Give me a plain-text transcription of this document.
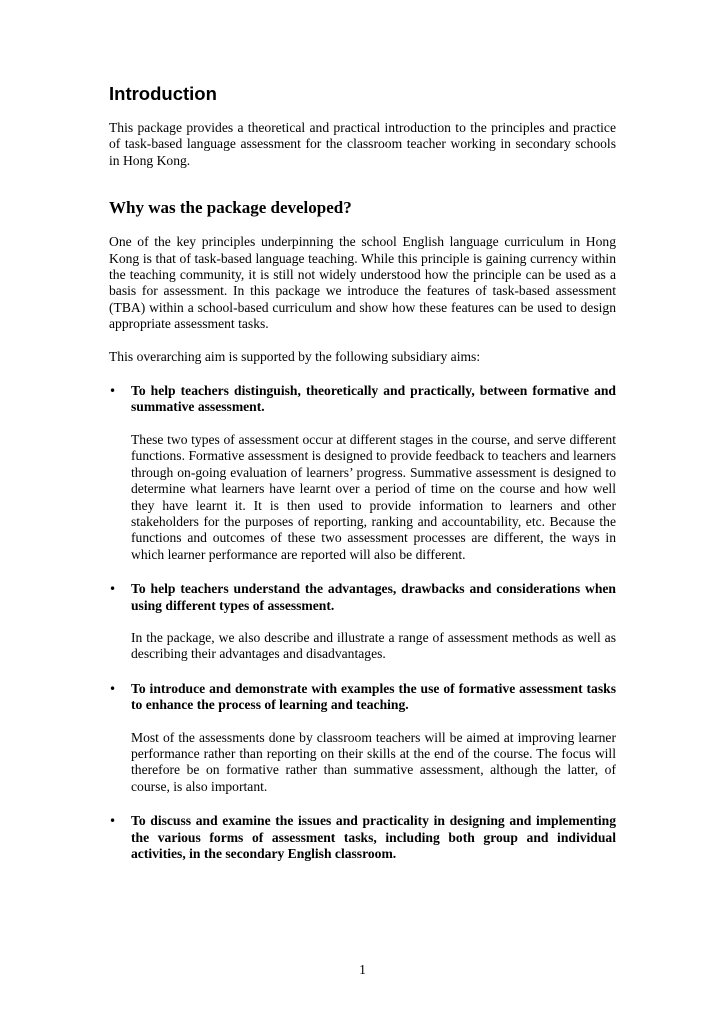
Introduction

This package provides a theoretical and practical introduction to the principles and practice of task-based language assessment for the classroom teacher working in secondary schools in Hong Kong.

Why was the package developed?

One of the key principles underpinning the school English language curriculum in Hong Kong is that of task-based language teaching. While this principle is gaining currency within the teaching community, it is still not widely understood how the principle can be used as a basis for assessment. In this package we introduce the features of task-based assessment (TBA) within a school-based curriculum and show how these features can be used to design appropriate assessment tasks.

This overarching aim is supported by the following subsidiary aims:

• To help teachers distinguish, theoretically and practically, between formative and summative assessment.

These two types of assessment occur at different stages in the course, and serve different functions. Formative assessment is designed to provide feedback to teachers and learners through on-going evaluation of learners’ progress. Summative assessment is designed to determine what learners have learnt over a period of time on the course and how well they have learnt it. It is then used to provide information to learners and other stakeholders for the purposes of reporting, ranking and accountability, etc. Because the functions and outcomes of these two assessment processes are different, the ways in which learner performance are reported will also be different.

• To help teachers understand the advantages, drawbacks and considerations when using different types of assessment.

In the package, we also describe and illustrate a range of assessment methods as well as describing their advantages and disadvantages.

• To introduce and demonstrate with examples the use of formative assessment tasks to enhance the process of learning and teaching.

Most of the assessments done by classroom teachers will be aimed at improving learner performance rather than reporting on their skills at the end of the course. The focus will therefore be on formative rather than summative assessment, although the latter, of course, is also important.

• To discuss and examine the issues and practicality in designing and implementing the various forms of assessment tasks, including both group and individual activities, in the secondary English classroom.

1
